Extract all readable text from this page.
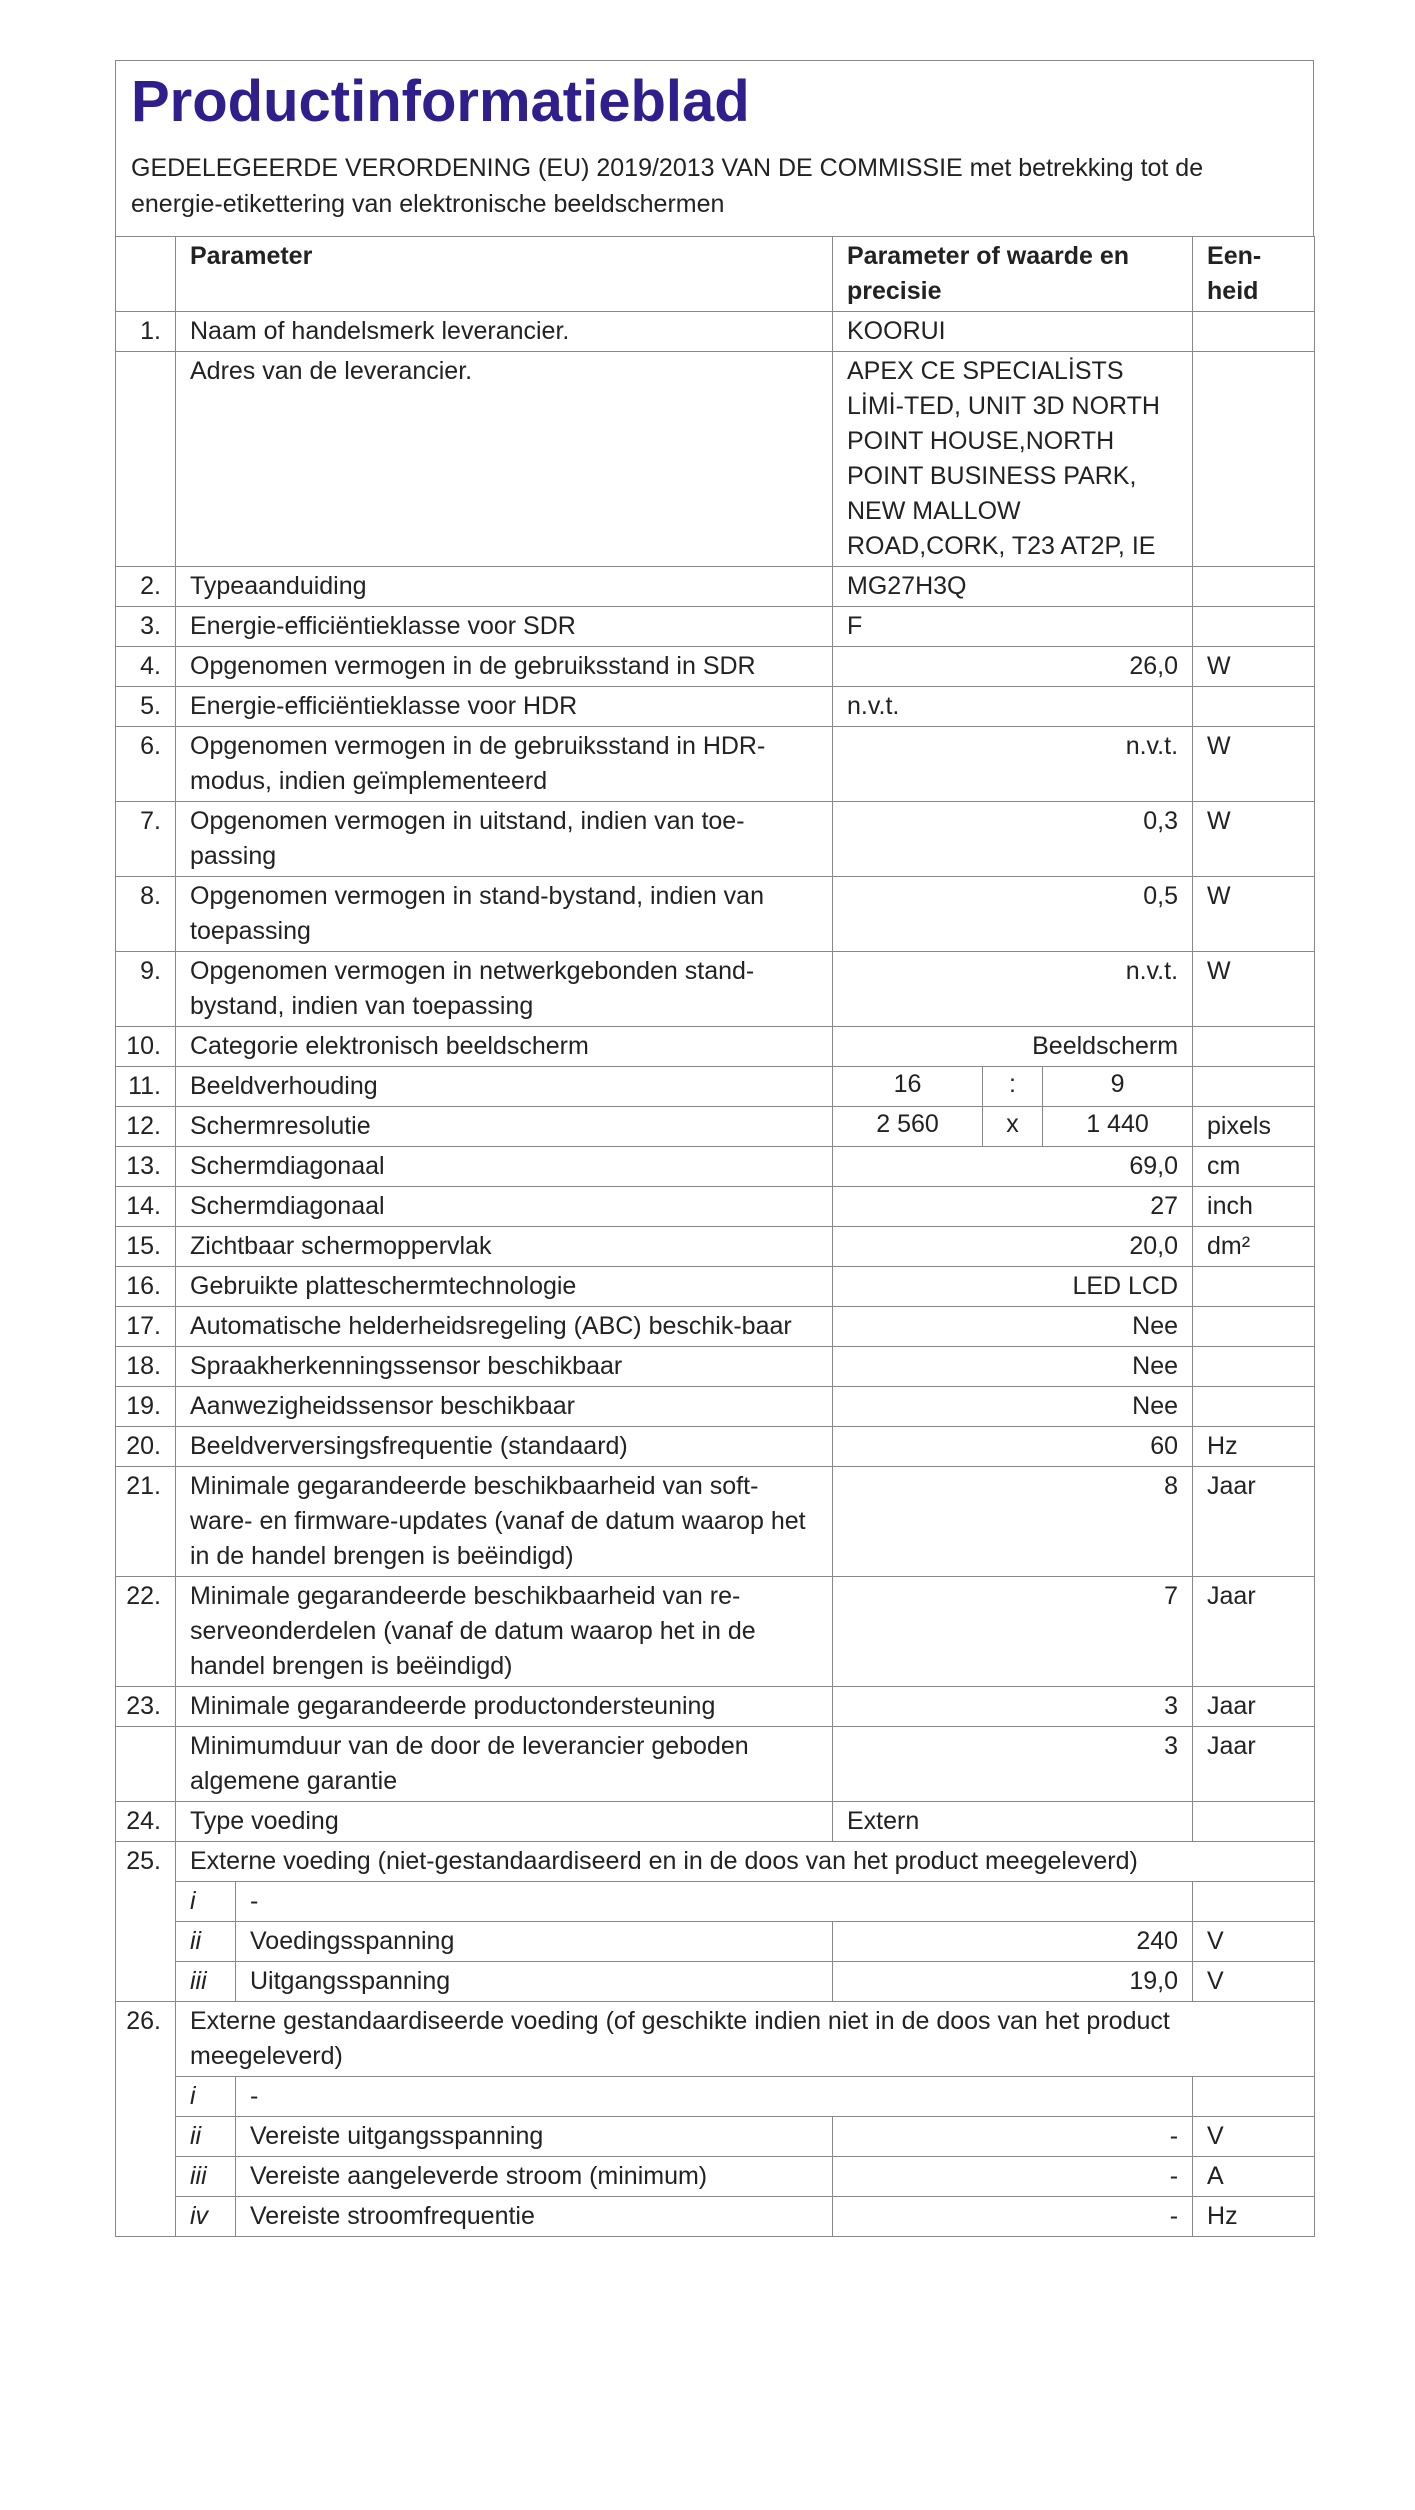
Productinformatieblad
GEDELEGEERDE VERORDENING (EU) 2019/2013 VAN DE COMMISSIE met betrekking tot de energie-etikettering van elektronische beeldschermen
	Parameter		Parameter of waarde en precisie			Een-heid
1.	Naam of handelsmerk leverancier.		KOORUI			
	Adres van de leverancier.		APEX CE SPECIALİSTS LİMİ-TED, UNIT 3D NORTH POINT HOUSE,NORTH POINT BUSINESS PARK, NEW MALLOW ROAD,CORK, T23 AT2P, IE			
2.	Typeaanduiding		MG27H3Q			
3.	Energie-efficiëntieklasse voor SDR		F			
4.	Opgenomen vermogen in de gebruiksstand in SDR		26,0			W
5.	Energie-efficiëntieklasse voor HDR		n.v.t.			
6.	Opgenomen vermogen in de gebruiksstand in HDR-modus, indien geïmplementeerd		n.v.t.			W
7.	Opgenomen vermogen in uitstand, indien van toe-passing		0,3			W
8.	Opgenomen vermogen in stand-bystand, indien van toepassing		0,5			W
9.	Opgenomen vermogen in netwerkgebonden stand-bystand, indien van toepassing		n.v.t.			W
10.	Categorie elektronisch beeldscherm		Beeldscherm			
11.	Beeldverhouding		16	:	9	
12.	Schermresolutie		2 560	x	1 440	pixels
13.	Schermdiagonaal		69,0			cm
14.	Schermdiagonaal		27			inch
15.	Zichtbaar schermoppervlak		20,0			dm²
16.	Gebruikte platteschermtechnologie		LED LCD			
17.	Automatische helderheidsregeling (ABC) beschik-baar		Nee			
18.	Spraakherkenningssensor beschikbaar		Nee			
19.	Aanwezigheidssensor beschikbaar		Nee			
20.	Beeldverversingsfrequentie (standaard)		60			Hz
21.	Minimale gegarandeerde beschikbaarheid van soft-ware- en firmware-updates (vanaf de datum waarop het in de handel brengen is beëindigd)		8			Jaar
22.	Minimale gegarandeerde beschikbaarheid van re-serveonderdelen (vanaf de datum waarop het in de handel brengen is beëindigd)		7			Jaar
23.	Minimale gegarandeerde productondersteuning		3			Jaar
	Minimumduur van de door de leverancier geboden algemene garantie		3			Jaar
24.	Type voeding		Extern			
25.	Externe voeding (niet-gestandaardiseerd en in de doos van het product meegeleverd)					
	i	-				
	ii	Voedingsspanning	240			V
	iii	Uitgangsspanning	19,0			V
26.	Externe gestandaardiseerde voeding (of geschikte indien niet in de doos van het product meegeleverd)					
	i	-				
	ii	Vereiste uitgangsspanning	-			V
	iii	Vereiste aangeleverde stroom (minimum)	-			A
	iv	Vereiste stroomfrequentie	-			Hz
